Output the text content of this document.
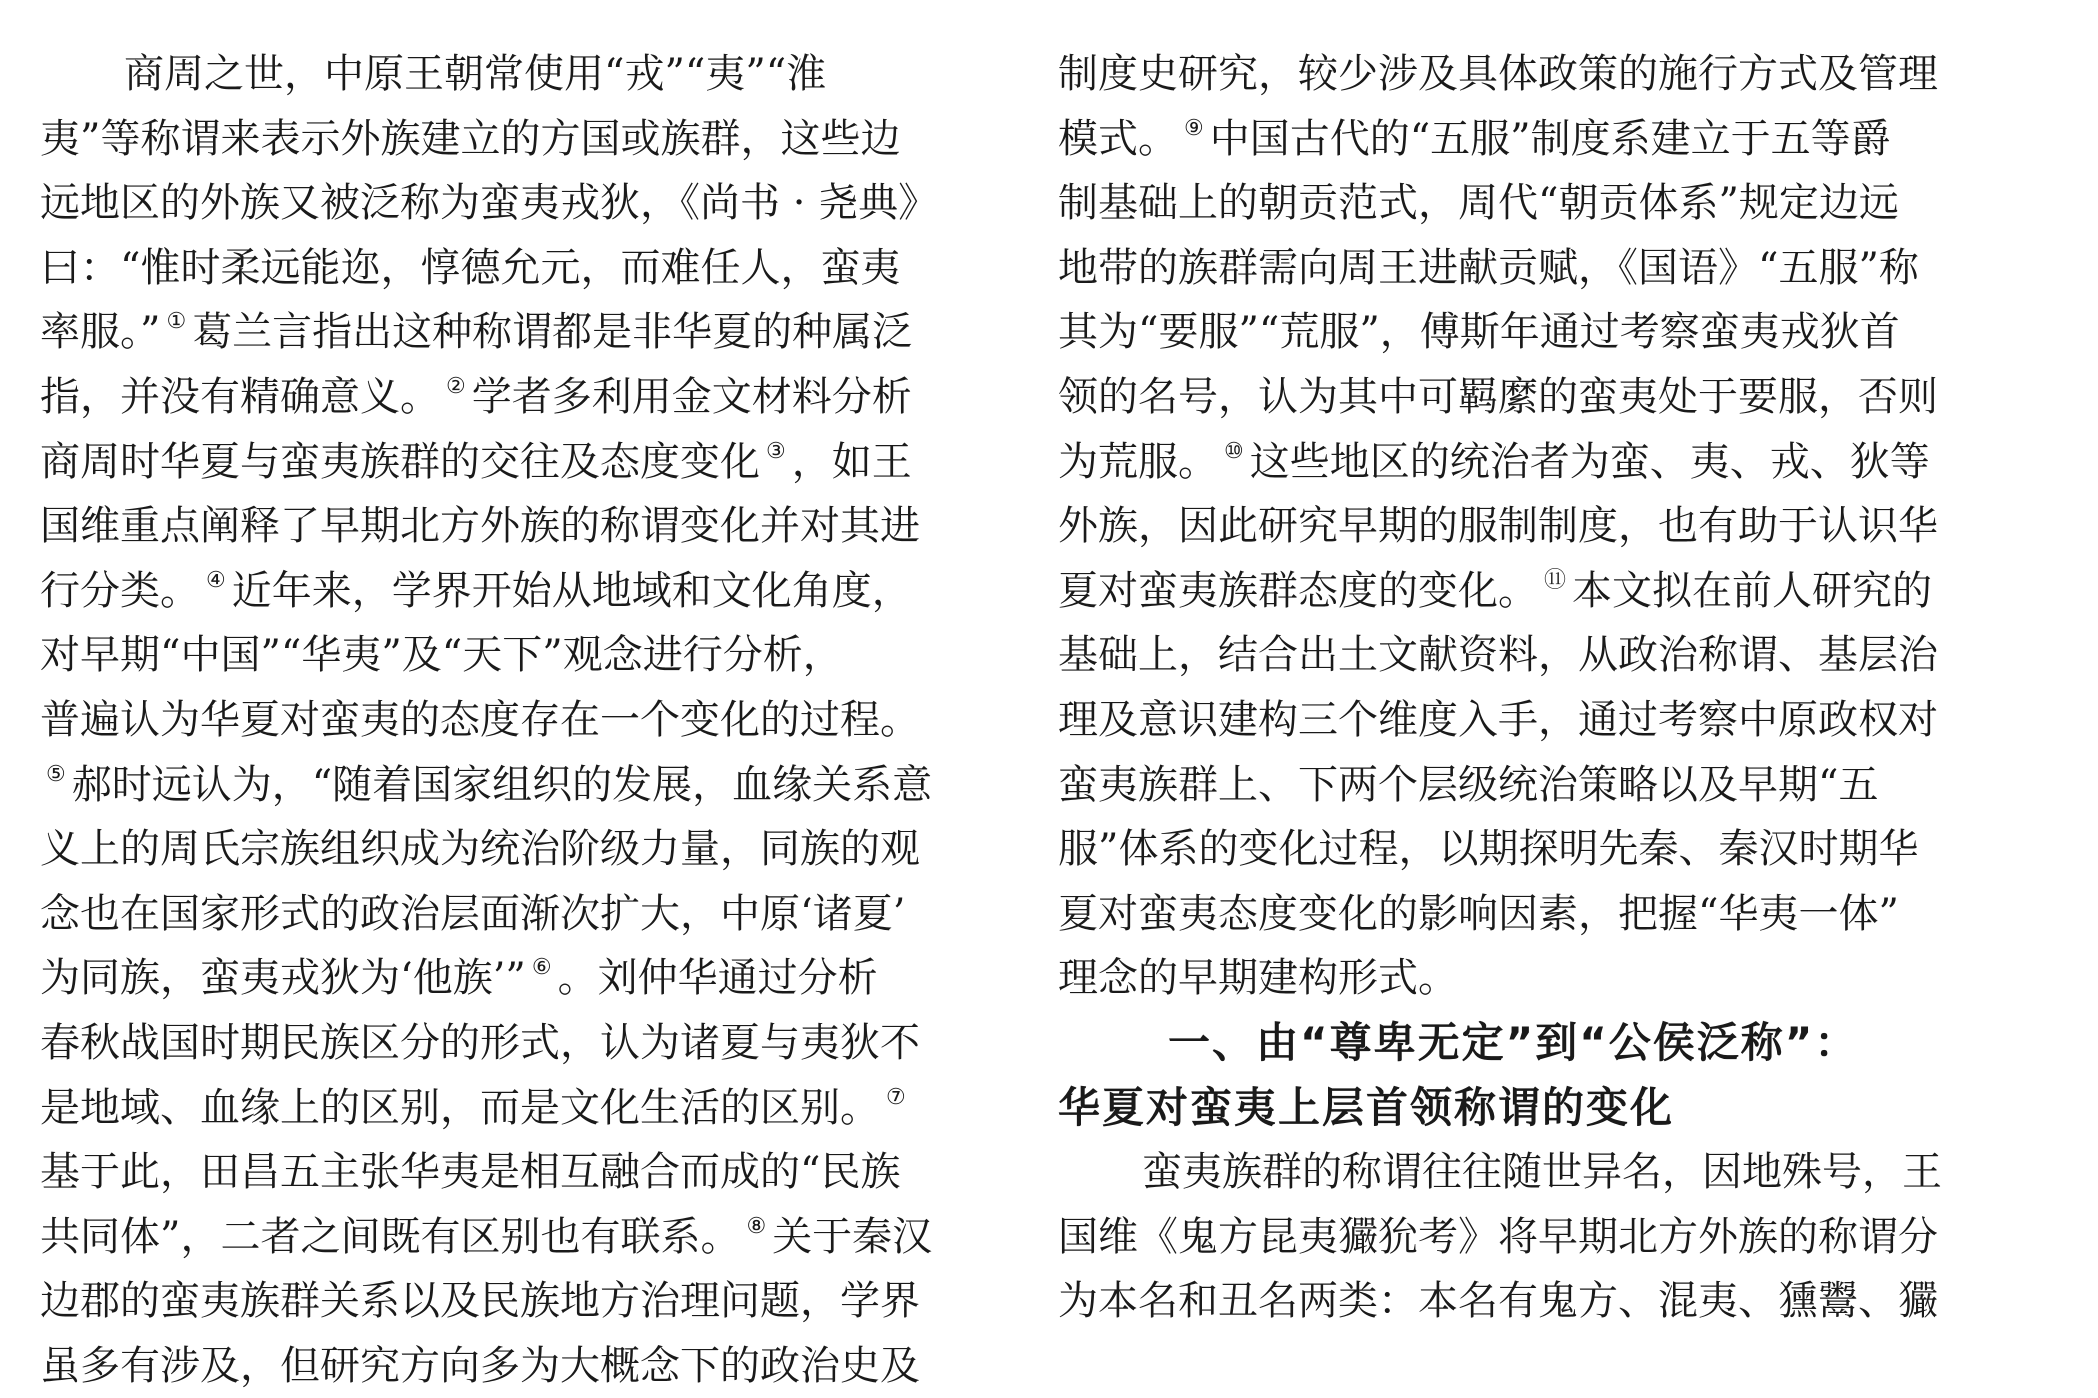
商周之世，中原王朝常使用“戎”“夷”“淮
夷”等称谓来表示外族建立的方国或族群，这些边
远地区的外族又被泛称为蛮夷戎狄，《尚书 · 尧典》
曰：“惟时柔远能迩，惇德允元，而难任人，蛮夷
率服。” ① 葛兰言指出这种称谓都是非华夏的种属泛
指，并没有精确意义。 ② 学者多利用金文材料分析
商周时华夏与蛮夷族群的交往及态度变化 ③ ，如王
国维重点阐释了早期北方外族的称谓变化并对其进
行分类。 ④ 近年来，学界开始从地域和文化角度，
对早期“中国”“华夷”及“天下”观念进行分析，
普遍认为华夏对蛮夷的态度存在一个变化的过程。
⑤ 郝时远认为，“随着国家组织的发展，血缘关系意
义上的周氏宗族组织成为统治阶级力量，同族的观
念也在国家形式的政治层面渐次扩大，中原‘诸夏’
为同族，蛮夷戎狄为‘他族’” ⑥ 。刘仲华通过分析
春秋战国时期民族区分的形式，认为诸夏与夷狄不
是地域、血缘上的区别，而是文化生活的区别。 ⑦
基于此，田昌五主张华夷是相互融合而成的“民族
共同体”，二者之间既有区别也有联系。 ⑧ 关于秦汉
边郡的蛮夷族群关系以及民族地方治理问题，学界
虽多有涉及，但研究方向多为大概念下的政治史及
制度史研究，较少涉及具体政策的施行方式及管理
模式。 ⑨ 中国古代的“五服”制度系建立于五等爵
制基础上的朝贡范式，周代“朝贡体系”规定边远
地带的族群需向周王进献贡赋，《国语》“五服”称
其为“要服”“荒服”，傅斯年通过考察蛮夷戎狄首
领的名号，认为其中可羁縻的蛮夷处于要服，否则
为荒服。 ⑩ 这些地区的统治者为蛮、夷、戎、狄等
外族，因此研究早期的服制制度，也有助于认识华
夏对蛮夷族群态度的变化。 ⑪ 本文拟在前人研究的
基础上，结合出土文献资料，从政治称谓、基层治
理及意识建构三个维度入手，通过考察中原政权对
蛮夷族群上、下两个层级统治策略以及早期“五
服”体系的变化过程，以期探明先秦、秦汉时期华
夏对蛮夷态度变化的影响因素，把握“华夷一体”
理念的早期建构形式。
一、由“尊卑无定”到“公侯泛称”：
华夏对蛮夷上层首领称谓的变化
蛮夷族群的称谓往往随世异名，因地殊号，王
国维《鬼方昆夷玁狁考》将早期北方外族的称谓分
为本名和丑名两类：本名有鬼方、混夷、獯鬻、玁
